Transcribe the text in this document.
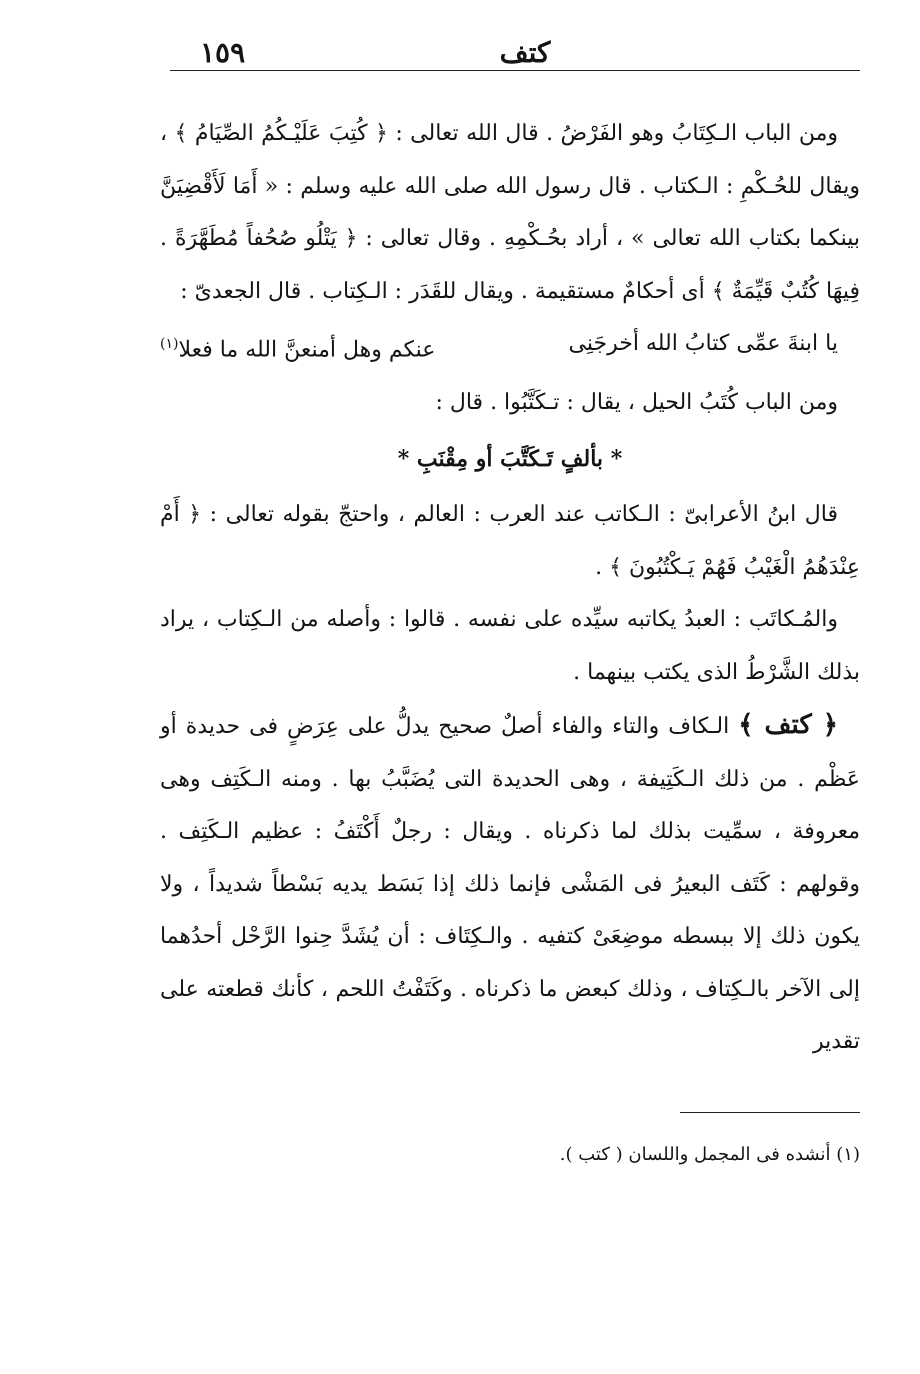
كتف
١٥٩

ومن الباب الـكِتَابُ وهو الفَرْضُ . قال الله تعالى : ﴿ كُتِبَ عَلَيْـكُمُ الصِّيَامُ ﴾ ، ويقال للحُـكْمِ : الـكتاب . قال رسول الله صلى الله عليه وسلم : « أَمَا لَأَقْضِيَنَّ بينكما بكتاب الله تعالى » ، أراد بحُـكْمِهِ . وقال تعالى : ﴿ يَتْلُو صُحُفاً مُطَهَّرَةً . فِيهَا كُتُبٌ قَيِّمَةٌ ﴾ أى أحكامٌ مستقيمة . ويقال للقَدَر : الـكِتاب . قال الجعدىّ :

يا ابنةَ عمِّى كتابُ الله أخرجَنِى
عنكم وهل أمنعنَّ الله ما فعلا$^{(١)}$

ومن الباب كُتَبُ الحيل ، يقال : تـكَتَّبُوا . قال :

* بألفٍ تَـكَتَّبَ أو مِقْنَبِ *

قال ابنُ الأعرابىّ : الـكاتب عند العرب : العالم ، واحتجّ بقوله تعالى : ﴿ أَمْ عِنْدَهُمُ الْغَيْبُ فَهُمْ يَـكْتُبُونَ ﴾ .

والمُـكاتَب : العبدُ يكاتبه سيِّده على نفسه . قالوا : وأصله من الـكِتاب ، يراد بذلك الشَّرْطُ الذى يكتب بينهما .

﴿ كتف ﴾ الـكاف والتاء والفاء أصلٌ صحيح يدلُّ على عِرَضٍ فى حديدة أو عَظْم . من ذلك الـكَتِيفة ، وهى الحديدة التى يُضَبَّبُ بها . ومنه الـكَتِف وهى معروفة ، سمِّيت بذلك لما ذكرناه . ويقال : رجلٌ أَكْتَفُ : عظيم الـكَتِف . وقولهم : كَتَف البعيرُ فى المَشْى فإنما ذلك إذا بَسَط يديه بَسْطاً شديداً ، ولا يكون ذلك إلا ببسطه موضِعَىْ كتفيه . والـكِتَاف : أن يُشَدَّ حِنوا الرَّحْل أحدُهما إلى الآخر بالـكِتاف ، وذلك كبعض ما ذكرناه . وكَتَفْتُ اللحم ، كأنك قطعته على تقدير

(١) أنشده فى المجمل واللسان ( كتب ).
